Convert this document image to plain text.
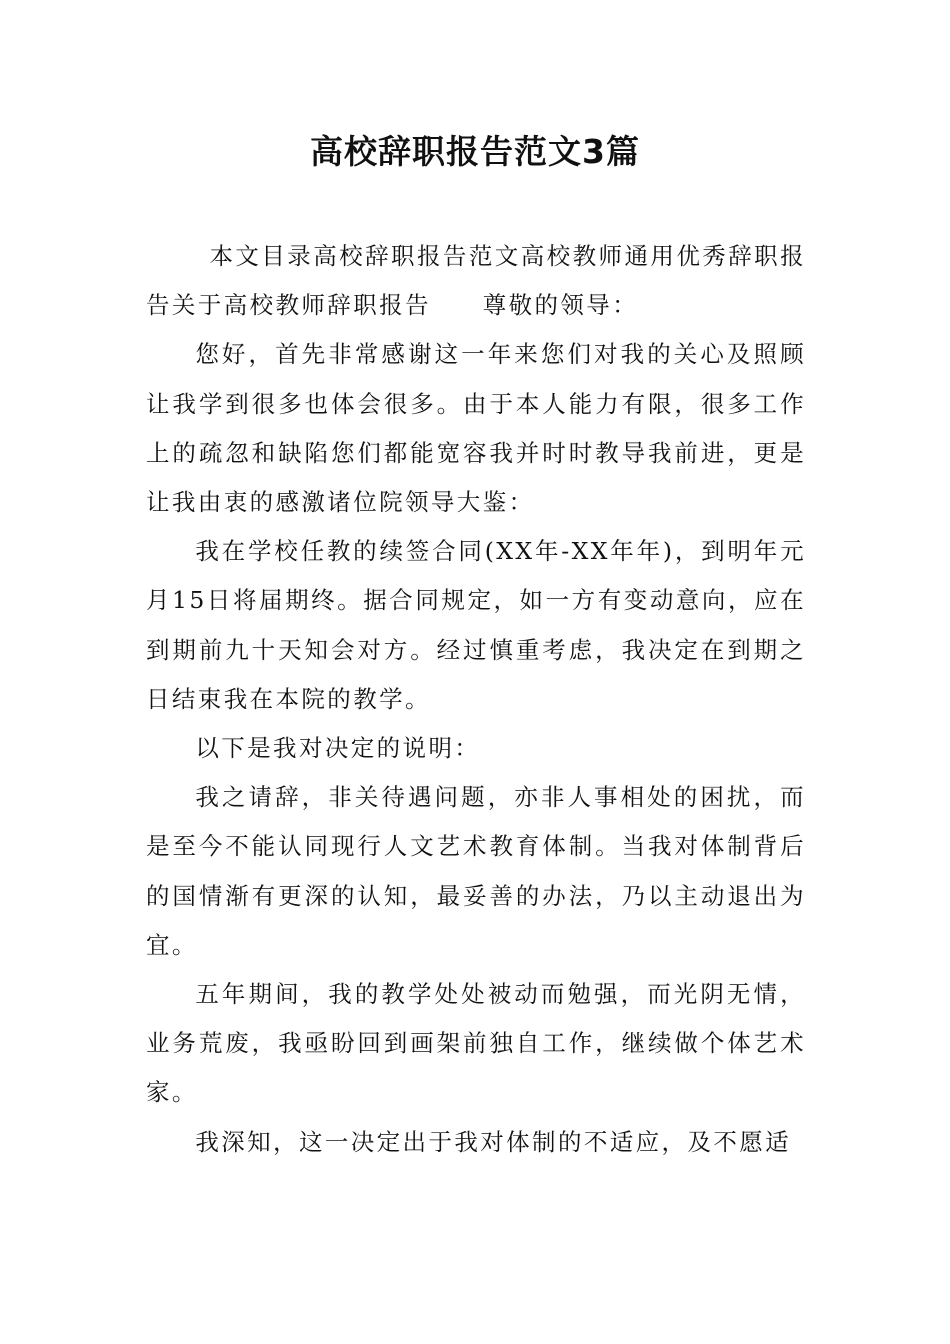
高校辞职报告范文3篇

本文目录高校辞职报告范文高校教师通用优秀辞职报告关于高校教师辞职报告　　尊敬的领导：

您好，首先非常感谢这一年来您们对我的关心及照顾让我学到很多也体会很多。由于本人能力有限，很多工作上的疏忽和缺陷您们都能宽容我并时时教导我前进，更是让我由衷的感激诸位院领导大鉴：

我在学校任教的续签合同(XX年-XX年年)，到明年元月15日将届期终。据合同规定，如一方有变动意向，应在到期前九十天知会对方。经过慎重考虑，我决定在到期之日结束我在本院的教学。

以下是我对决定的说明：

我之请辞，非关待遇问题，亦非人事相处的困扰，而是至今不能认同现行人文艺术教育体制。当我对体制背后的国情渐有更深的认知，最妥善的办法，乃以主动退出为宜。

五年期间，我的教学处处被动而勉强，而光阴无情，业务荒废，我亟盼回到画架前独自工作，继续做个体艺术家。

我深知，这一决定出于我对体制的不适应，及不愿适
